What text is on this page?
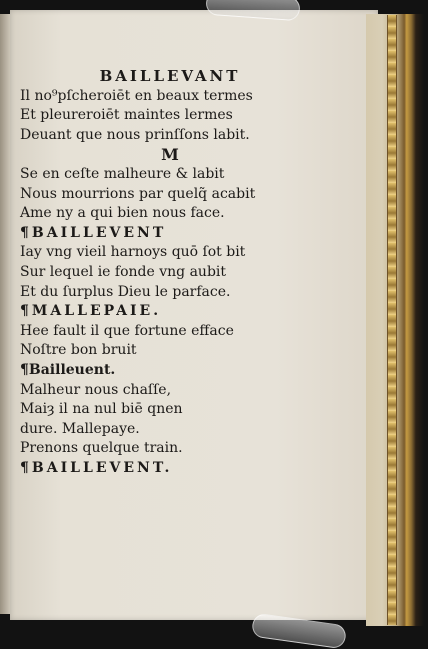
BAILLEVANT
Il no⁹pſcheroiēt en beaux termes
Et pleureroiēt maintes lermes
Deuant que nous prinſſons labit.
M
Se en ceſte malheure & labit
Nous mourrions par quelq̃ acabit
Ame ny a qui bien nous face.
¶BAILLEVENT
Iay vng vieil harnoys quō ſot bit
Sur lequel ie fonde vng aubit
Et du ſurplus Dieu le parface.
¶MALLEPAIE.
Hee fault il que fortune efface
Noſtre bon bruit
¶Bailleuent.
Malheur nous chaſſe,
Maiȝ il na nul biē qnen
dure. Mallepaye.
Prenons quelque train.
¶BAILLEVENT.
